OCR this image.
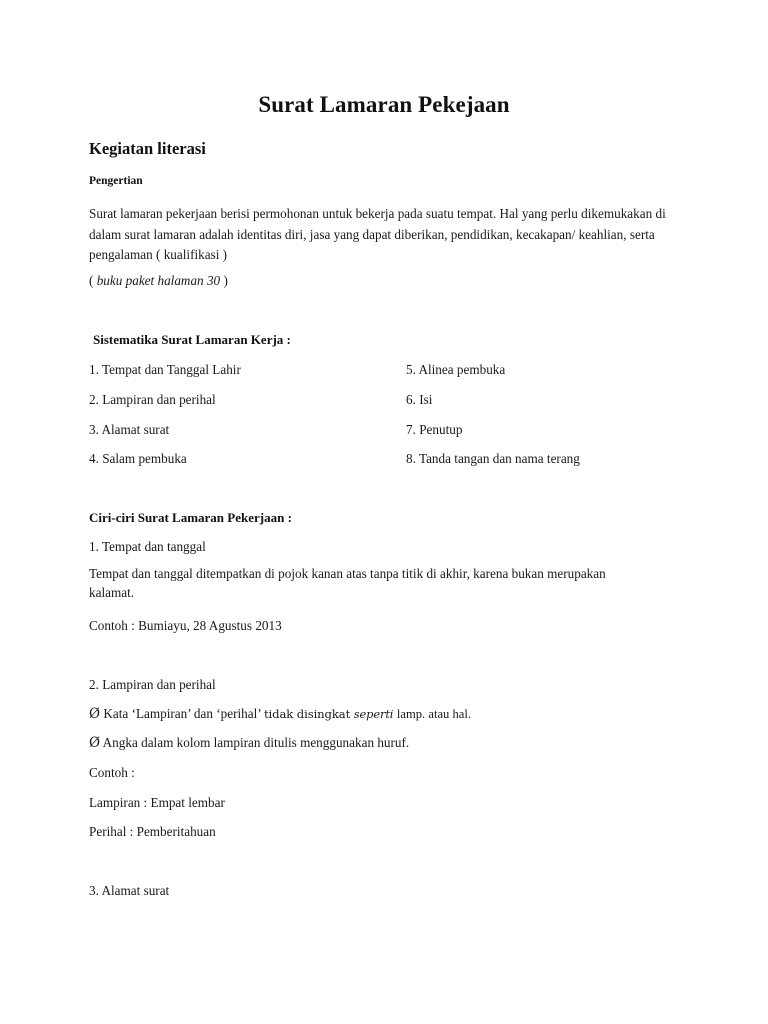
Surat Lamaran Pekejaan
Kegiatan literasi
Pengertian
Surat lamaran pekerjaan berisi permohonan untuk bekerja pada suatu tempat. Hal yang perlu dikemukakan di dalam surat lamaran adalah identitas diri, jasa yang dapat diberikan, pendidikan, kecakapan/ keahlian, serta pengalaman ( kualifikasi )
( buku paket halaman 30 )
Sistematika Surat Lamaran Kerja :
1. Tempat dan Tanggal Lahir	5. Alinea pembuka
2. Lampiran dan perihal	6. Isi
3. Alamat surat	7. Penutup
4. Salam pembuka	8. Tanda tangan dan nama terang
Ciri-ciri Surat Lamaran Pekerjaan :
1. Tempat dan tanggal
Tempat dan tanggal ditempatkan di pojok kanan atas tanpa titik di akhir, karena bukan merupakan kalamat.
Contoh : Bumiayu, 28 Agustus 2013
2. Lampiran dan perihal
Ø Kata ‘Lampiran’ dan ‘perihal’ tidak disingkat seperti lamp. atau hal.
Ø Angka dalam kolom lampiran ditulis menggunakan huruf.
Contoh :
Lampiran : Empat lembar
Perihal : Pemberitahuan
3. Alamat surat
